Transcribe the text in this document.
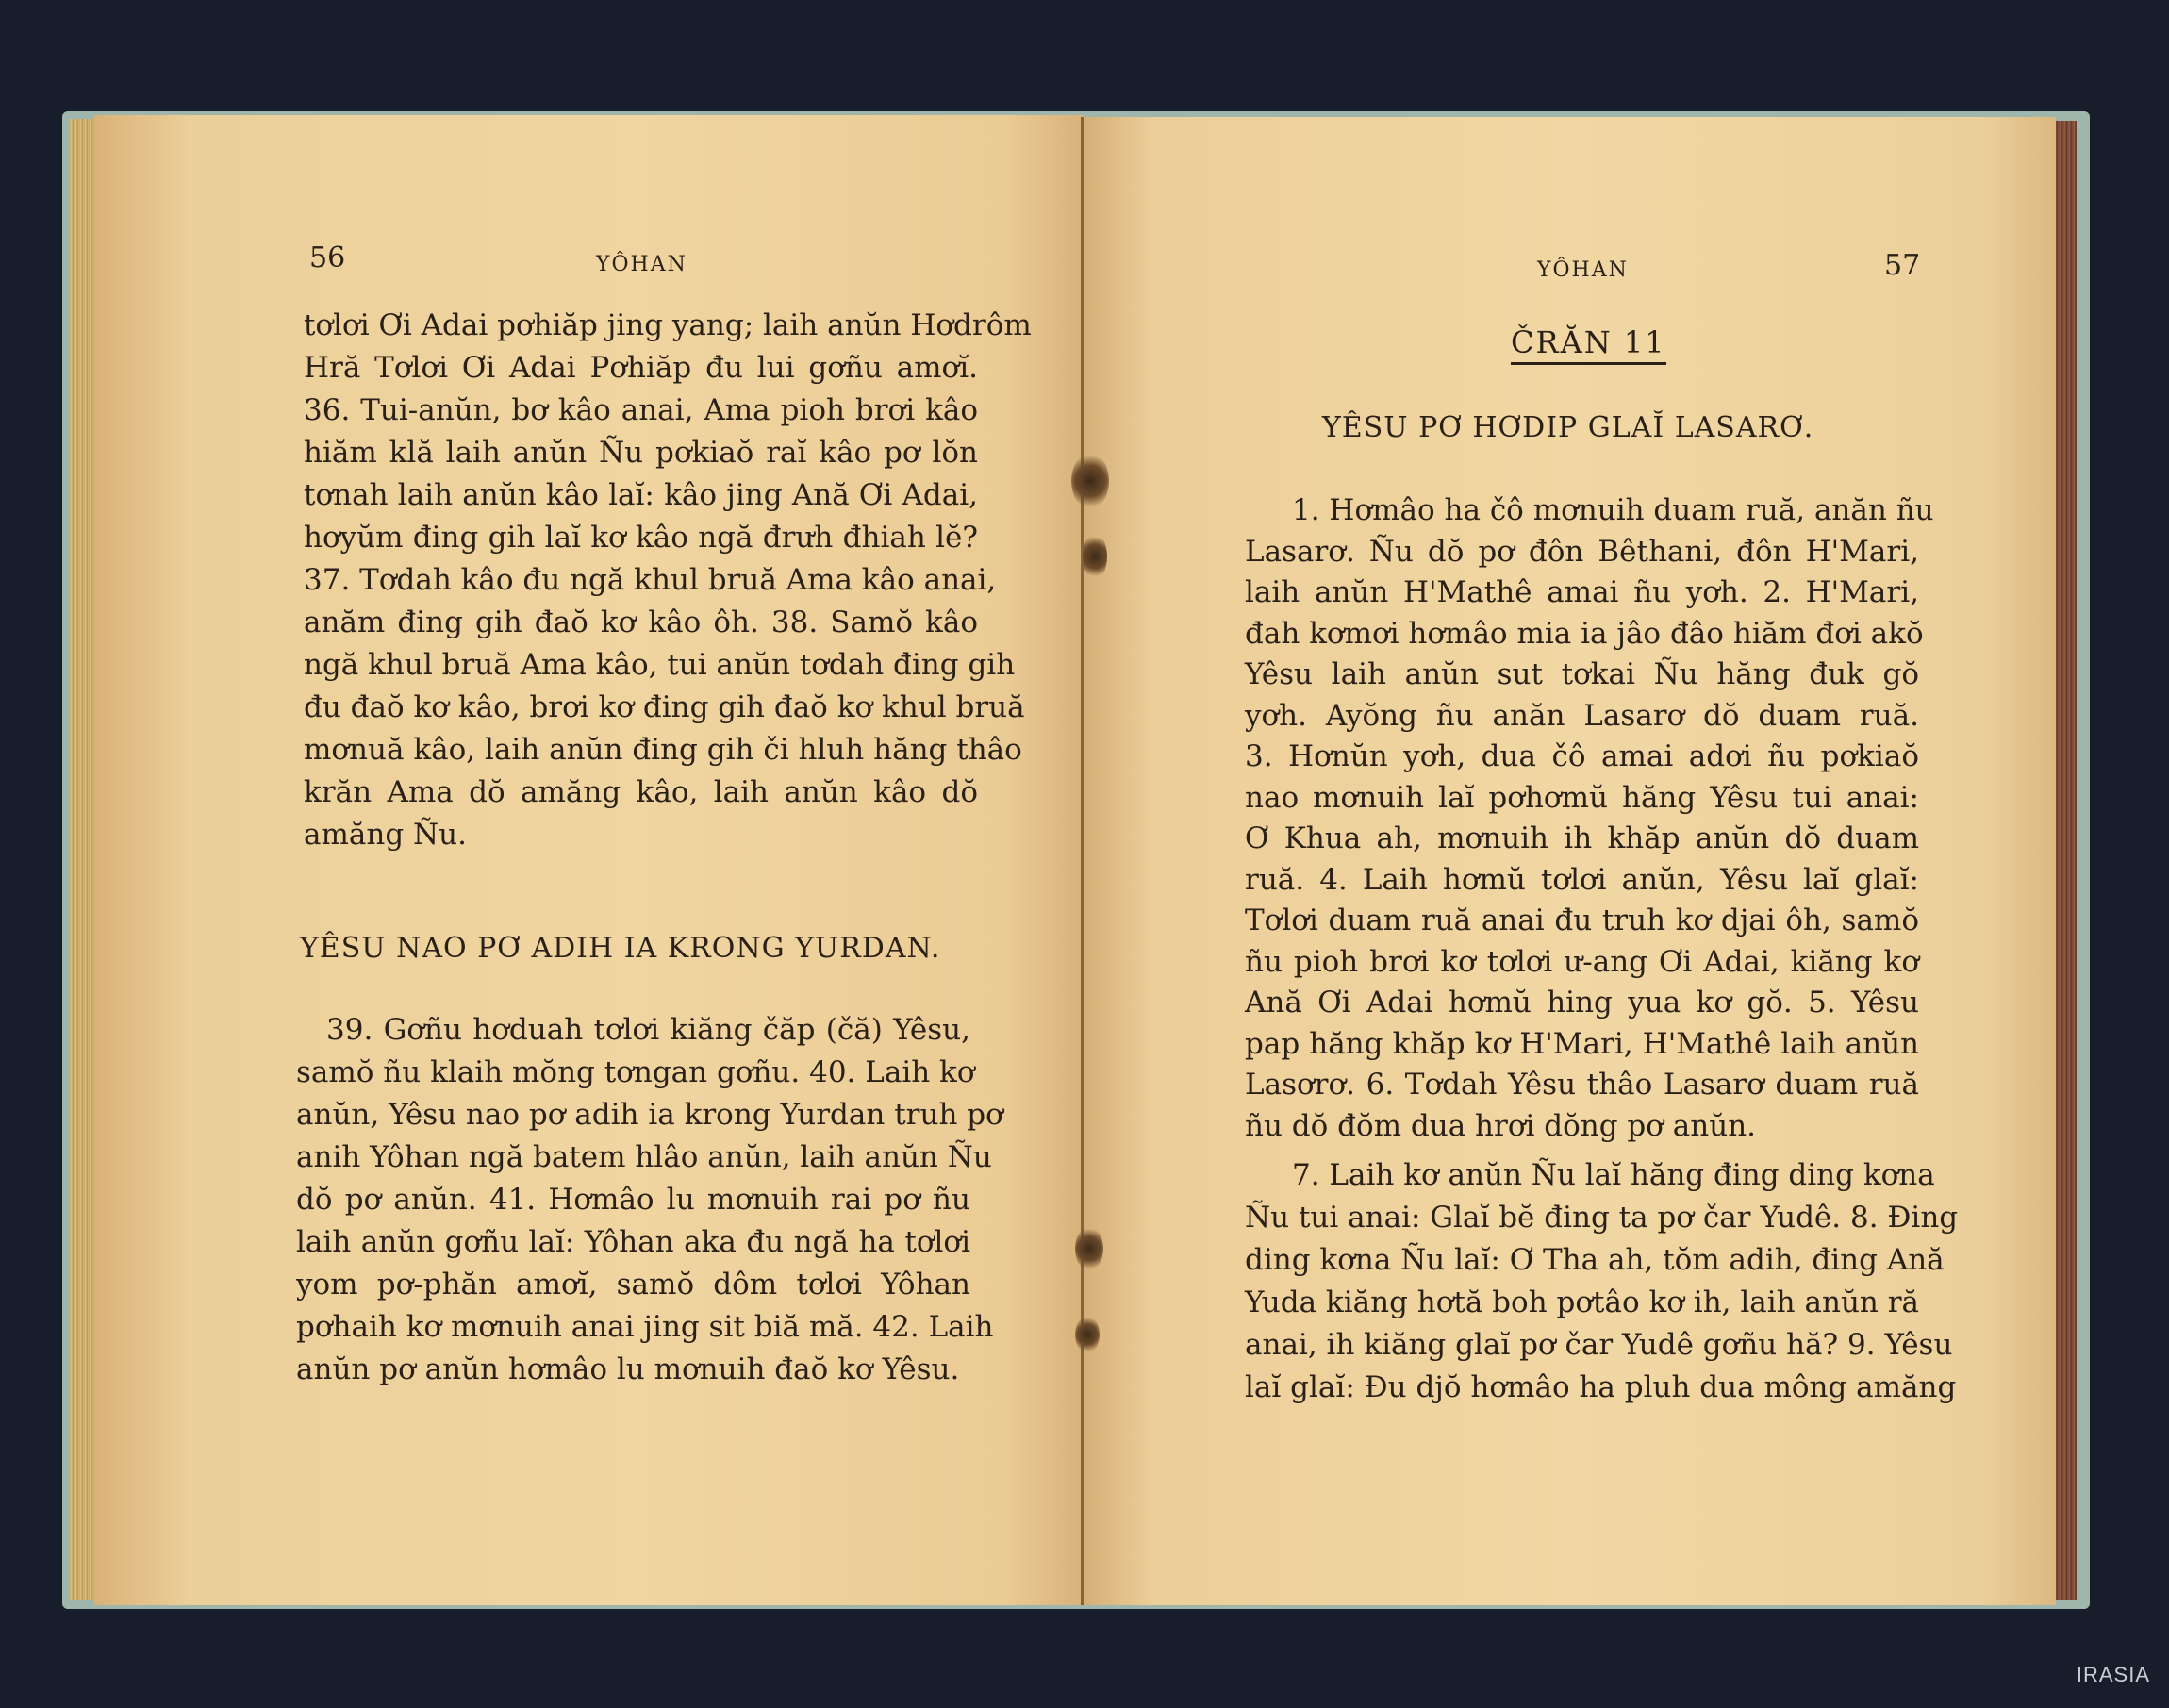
56	YÔHAN
tơlơi Ơi Adai pơhiăp jing yang; laih anŭn Hơdrôm
Hră Tơlơi Ơi Adai Pơhiăp đu lui gơñu amơĭ.
36. Tui-anŭn, bơ kâo anai, Ama pioh brơi kâo
hiăm klă laih anŭn Ñu pơkiaŏ raĭ kâo pơ lŏn
tơnah laih anŭn kâo laĭ: kâo jing Ană Ơi Adai,
hơyŭm đing gih laĭ kơ kâo ngă đrưh đhiah lĕ?
37. Tơdah kâo đu ngă khul bruă Ama kâo anai,
anăm đing gih đaŏ kơ kâo ôh. 38. Samŏ kâo
ngă khul bruă Ama kâo, tui anŭn tơdah đing gih
đu đaŏ kơ kâo, brơi kơ đing gih đaŏ kơ khul bruă
mơnuă kâo, laih anŭn đing gih či hluh hăng thâo
krăn Ama dŏ amăng kâo, laih anŭn kâo dŏ
amăng Ñu.
YÊSU NAO PƠ ADIH IA KRONG YURDAN.
39. Gơñu hơduah tơlơi kiăng čăp (čă) Yêsu,
samŏ ñu klaih mŏng tơngan gơñu. 40. Laih kơ
anŭn, Yêsu nao pơ adih ia krong Yurdan truh pơ
anih Yôhan ngă batem hlâo anŭn, laih anŭn Ñu
dŏ pơ anŭn. 41. Hơmâo lu mơnuih rai pơ ñu
laih anŭn gơñu laĭ: Yôhan aka đu ngă ha tơlơi
yom pơ-phăn amơĭ, samŏ dôm tơlơi Yôhan
pơhaih kơ mơnuih anai jing sit biă mă. 42. Laih
anŭn pơ anŭn hơmâo lu mơnuih đaŏ kơ Yêsu.
YÔHAN	57
ČRĂN 11
YÊSU PƠ HƠDIP GLAĬ LASARƠ.
1. Hơmâo ha čô mơnuih duam ruă, anăn ñu
Lasarơ. Ñu dŏ pơ đôn Bêthani, đôn H'Mari,
laih anŭn H'Mathê amai ñu yơh. 2. H'Mari,
đah kơmơi hơmâo mia ia jâo đâo hiăm đơi akŏ
Yêsu laih anŭn sut tơkai Ñu hăng đuk gŏ
yơh. Ayŏng ñu anăn Lasarơ dŏ duam ruă.
3. Hơnŭn yơh, dua čô amai adơi ñu pơkiaŏ
nao mơnuih laĭ pơhơmŭ hăng Yêsu tui anai:
Ơ Khua ah, mơnuih ih khăp anŭn dŏ duam
ruă. 4. Laih hơmŭ tơlơi anŭn, Yêsu laĭ glaĭ:
Tơlơi duam ruă anai đu truh kơ djai ôh, samŏ
ñu pioh brơi kơ tơlơi ư-ang Ơi Adai, kiăng kơ
Ană Ơi Adai hơmŭ hing yua kơ gŏ. 5. Yêsu
pap hăng khăp kơ H'Mari, H'Mathê laih anŭn
Lasơrơ. 6. Tơdah Yêsu thâo Lasarơ duam ruă
ñu dŏ đŏm dua hrơi dŏng pơ anŭn.
7. Laih kơ anŭn Ñu laĭ hăng đing ding kơna
Ñu tui anai: Glaĭ bĕ đing ta pơ čar Yudê. 8. Đing
ding kơna Ñu laĭ: Ơ Tha ah, tŏm adih, đing Ană
Yuda kiăng hơtă boh pơtâo kơ ih, laih anŭn ră
anai, ih kiăng glaĭ pơ čar Yudê gơñu hă? 9. Yêsu
laĭ glaĭ: Đu djŏ hơmâo ha pluh dua mông amăng
IRASIA
